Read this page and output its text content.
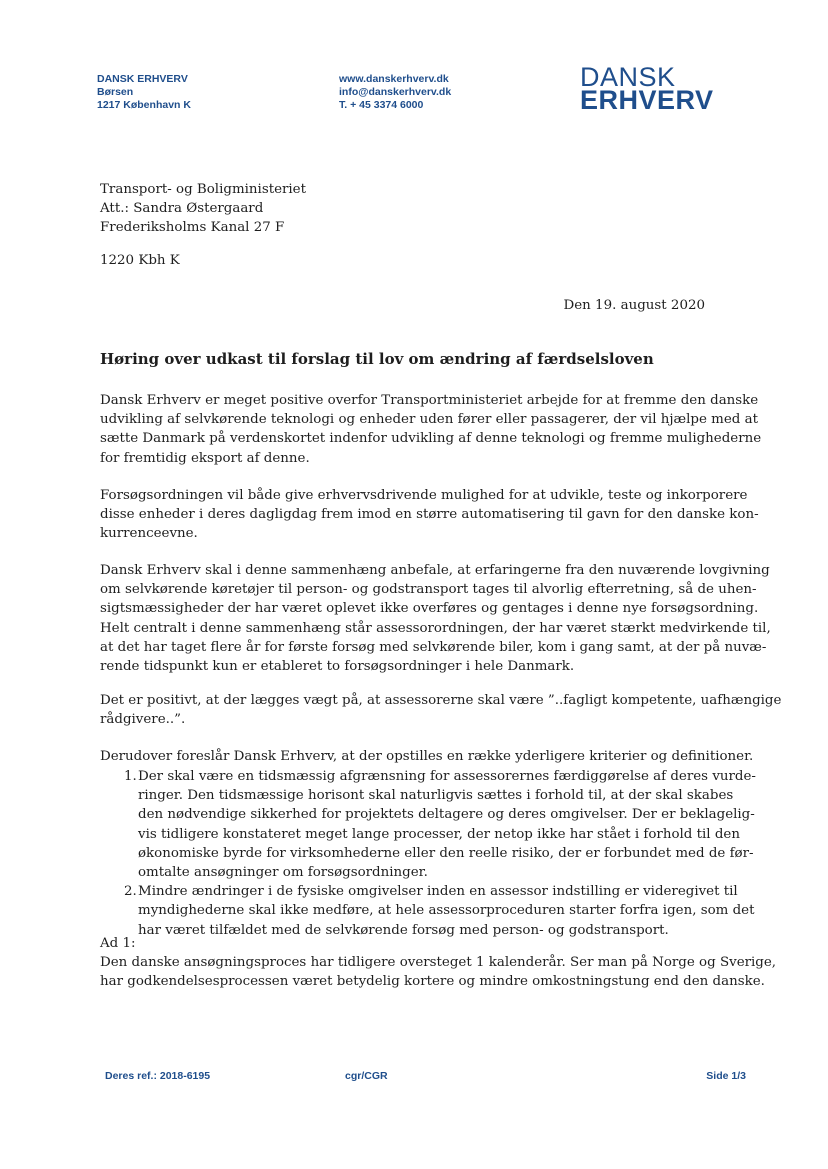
DANSK ERHVERV
Børsen
1217 København K
www.danskerhverv.dk
info@danskerhverv.dk
T. + 45 3374 6000
DANSK
ERHVERV
Transport- og Boligministeriet
Att.: Sandra Østergaard
Frederiksholms Kanal 27 F
1220 Kbh K
Den 19. august 2020
Høring over udkast til forslag til lov om ændring af færdselsloven
Dansk Erhverv er meget positive overfor Transportministeriet arbejde for at fremme den danske
udvikling af selvkørende teknologi og enheder uden fører eller passagerer, der vil hjælpe med at
sætte Danmark på verdenskortet indenfor udvikling af denne teknologi og fremme mulighederne
for fremtidig eksport af denne.
Forsøgsordningen vil både give erhvervsdrivende mulighed for at udvikle, teste og inkorporere
disse enheder i deres dagligdag frem imod en større automatisering til gavn for den danske kon-
kurrenceevne.
Dansk Erhverv skal i denne sammenhæng anbefale, at erfaringerne fra den nuværende lovgivning
om selvkørende køretøjer til person- og godstransport tages til alvorlig efterretning, så de uhen-
sigtsmæssigheder der har været oplevet ikke overføres og gentages i denne nye forsøgsordning.
Helt centralt i denne sammenhæng står assessorordningen, der har været stærkt medvirkende til,
at det har taget flere år for første forsøg med selvkørende biler, kom i gang samt, at der på nuvæ-
rende tidspunkt kun er etableret to forsøgsordninger i hele Danmark.
Det er positivt, at der lægges vægt på, at assessorerne skal være ”..fagligt kompetente, uafhængige
rådgivere..”.
Derudover foreslår Dansk Erhverv, at der opstilles en række yderligere kriterier og definitioner.
1. Der skal være en tidsmæssig afgrænsning for assessorernes færdiggørelse af deres vurde-
ringer. Den tidsmæssige horisont skal naturligvis sættes i forhold til, at der skal skabes
den nødvendige sikkerhed for projektets deltagere og deres omgivelser. Der er beklagelig-
vis tidligere konstateret meget lange processer, der netop ikke har stået i forhold til den
økonomiske byrde for virksomhederne eller den reelle risiko, der er forbundet med de før-
omtalte ansøgninger om forsøgsordninger.
2. Mindre ændringer i de fysiske omgivelser inden en assessor indstilling er videregivet til
myndighederne skal ikke medføre, at hele assessorproceduren starter forfra igen, som det
har været tilfældet med de selvkørende forsøg med person- og godstransport.
Ad 1:
Den danske ansøgningsproces har tidligere oversteget 1 kalenderår. Ser man på Norge og Sverige,
har godkendelsesprocessen været betydelig kortere og mindre omkostningstung end den danske.
Deres ref.: 2018-6195	cgr/CGR	Side 1/3
